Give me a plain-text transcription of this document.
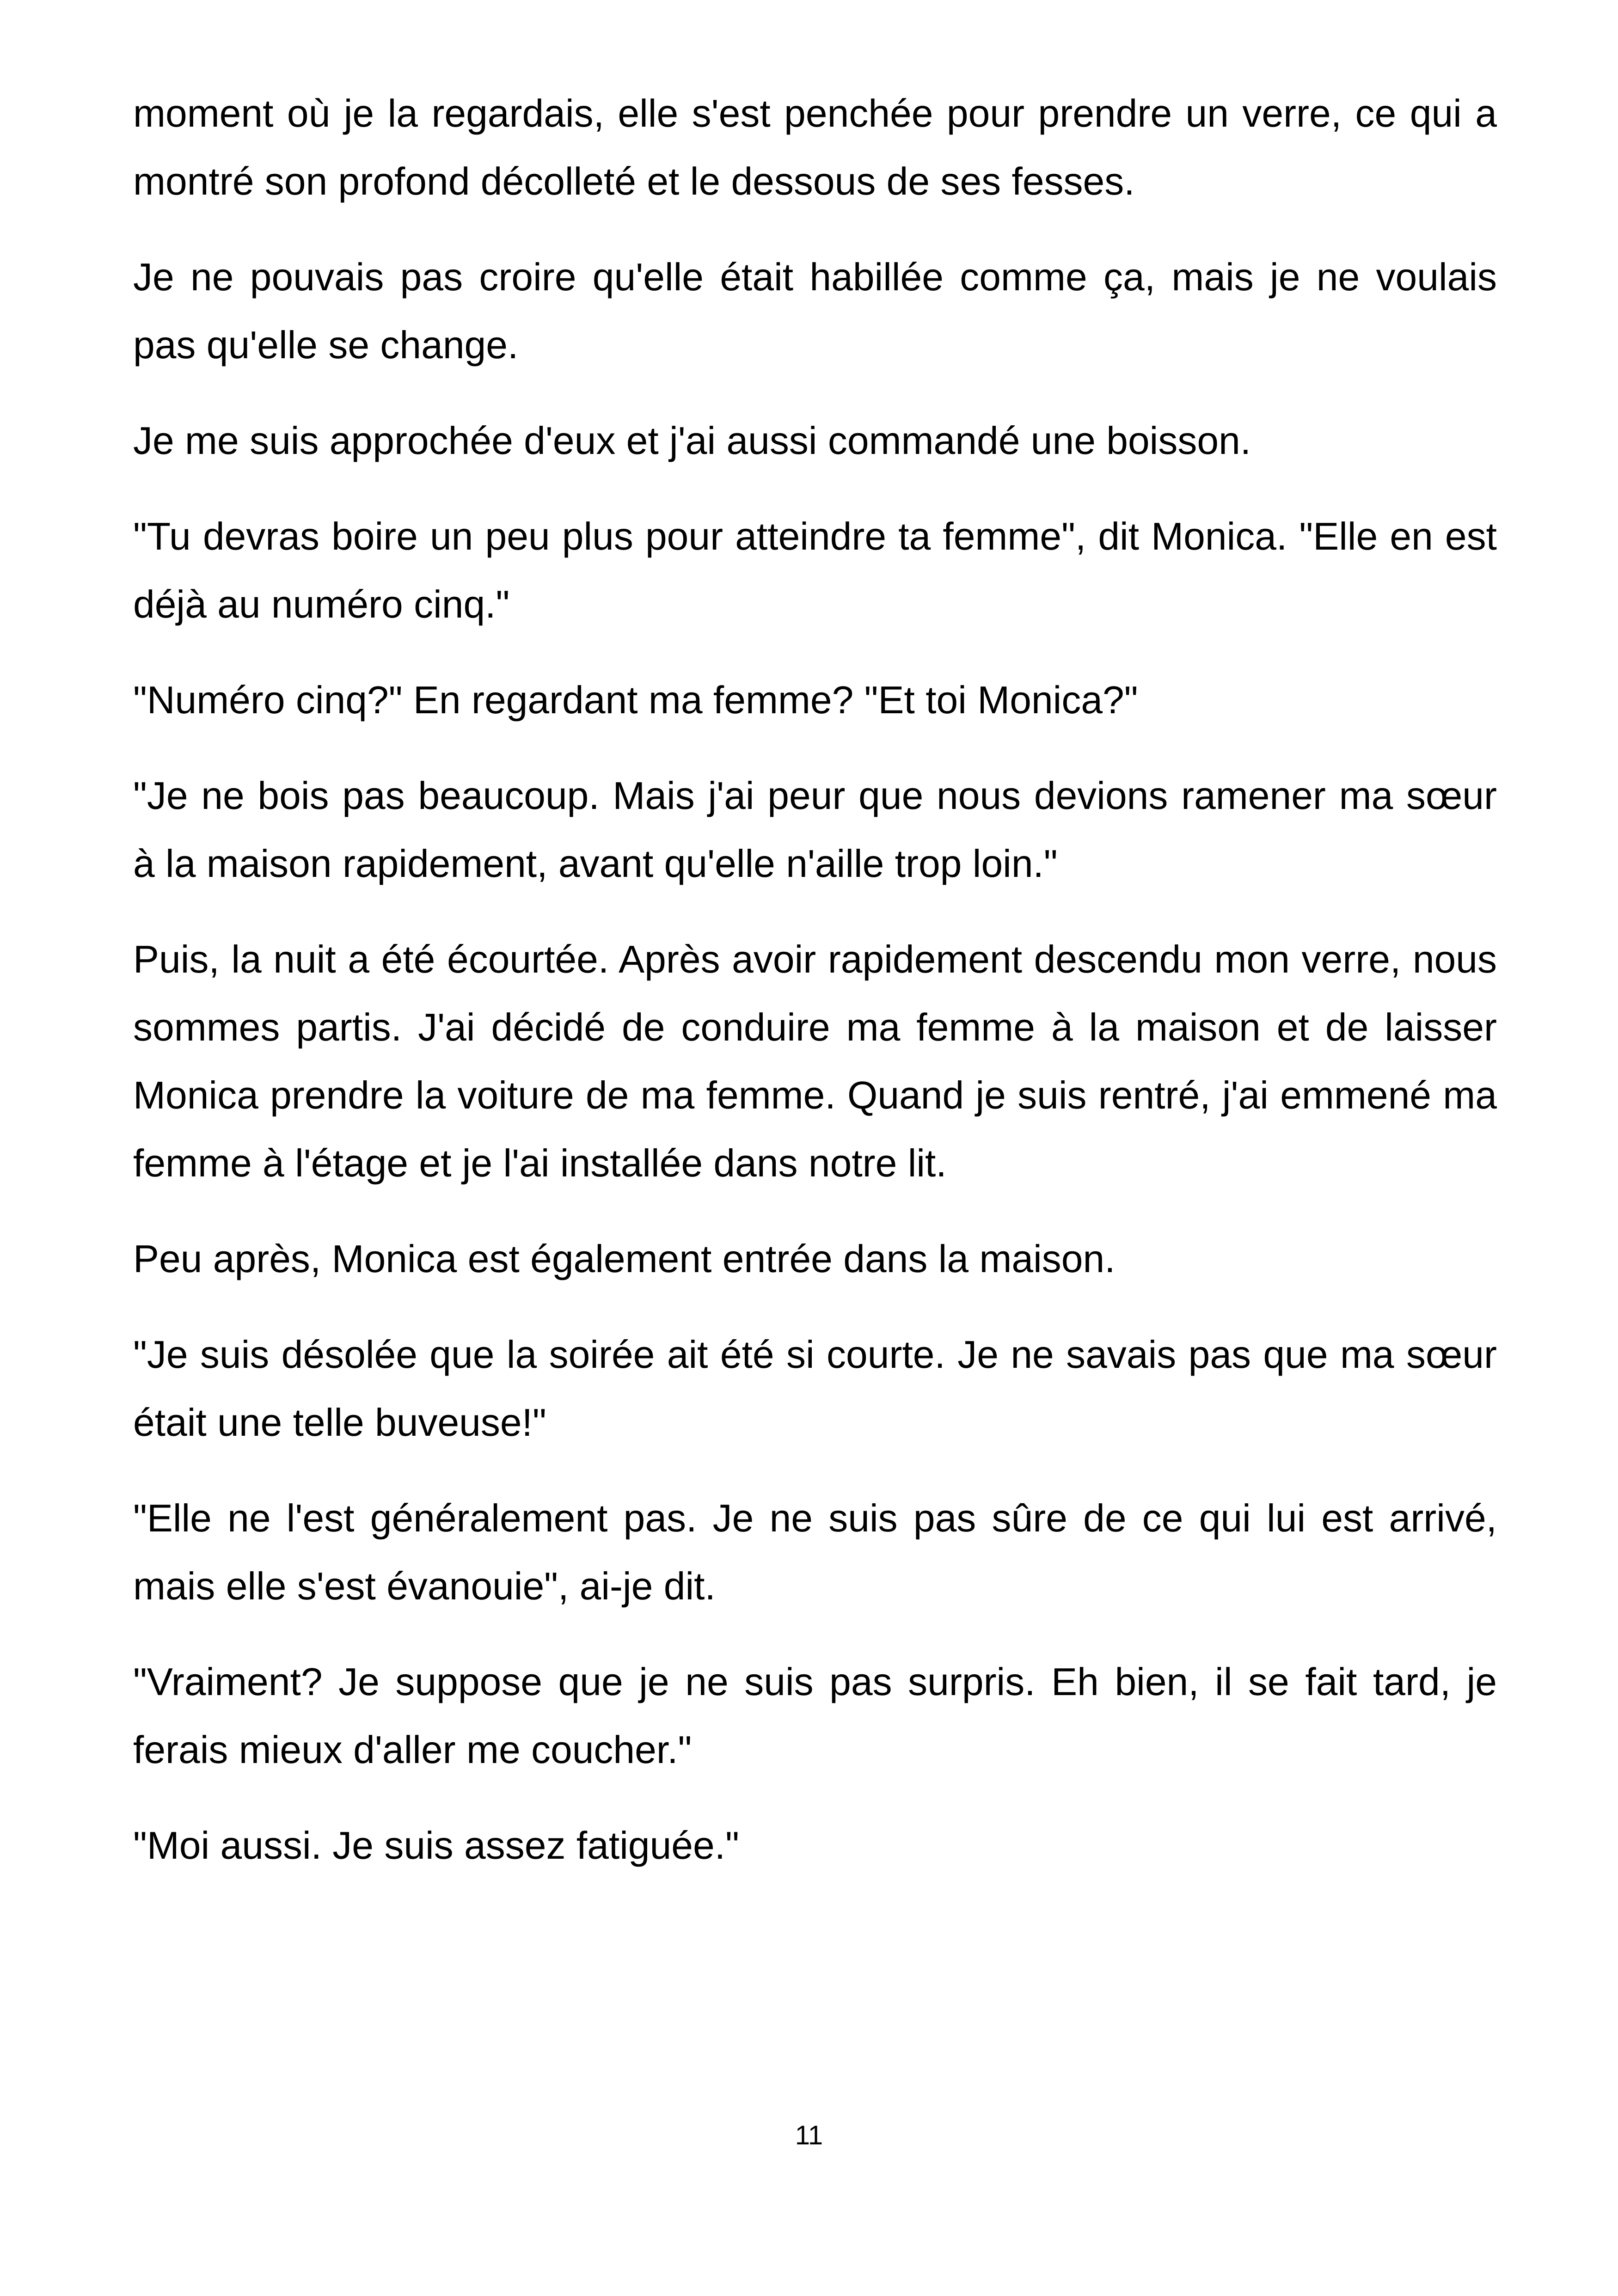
moment où je la regardais, elle s'est penchée pour prendre un verre, ce qui a montré son profond décolleté et le dessous de ses fesses.

Je ne pouvais pas croire qu'elle était habillée comme ça, mais je ne voulais pas qu'elle se change.

Je me suis approchée d'eux et j'ai aussi commandé une boisson.

"Tu devras boire un peu plus pour atteindre ta femme", dit Monica. "Elle en est déjà au numéro cinq."

"Numéro cinq?" En regardant ma femme? "Et toi Monica?"

"Je ne bois pas beaucoup. Mais j'ai peur que nous devions ramener ma sœur à la maison rapidement, avant qu'elle n'aille trop loin."

Puis, la nuit a été écourtée. Après avoir rapidement descendu mon verre, nous sommes partis. J'ai décidé de conduire ma femme à la maison et de laisser Monica prendre la voiture de ma femme. Quand je suis rentré, j'ai emmené ma femme à l'étage et je l'ai installée dans notre lit.

Peu après, Monica est également entrée dans la maison.

"Je suis désolée que la soirée ait été si courte. Je ne savais pas que ma sœur était une telle buveuse!"

"Elle ne l'est généralement pas. Je ne suis pas sûre de ce qui lui est arrivé, mais elle s'est évanouie", ai-je dit.

"Vraiment? Je suppose que je ne suis pas surpris. Eh bien, il se fait tard, je ferais mieux d'aller me coucher."

"Moi aussi. Je suis assez fatiguée."

11
